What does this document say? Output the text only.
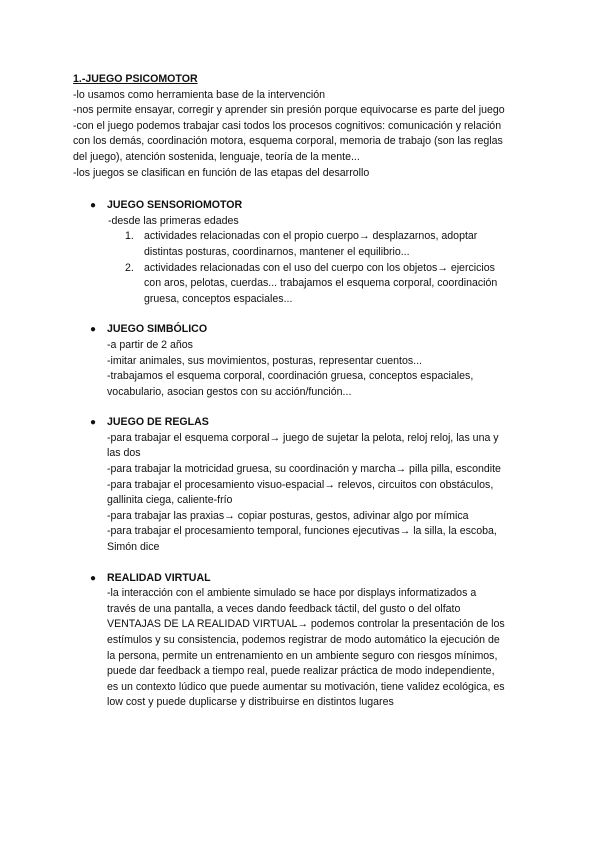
1.-JUEGO PSICOMOTOR
-lo usamos como herramienta base de la intervención
-nos permite ensayar, corregir y aprender sin presión porque equivocarse es parte del juego
-con el juego podemos trabajar casi todos los procesos cognitivos: comunicación y relación
con los demás, coordinación motora, esquema corporal, memoria de trabajo (son las reglas
del juego), atención sostenida, lenguaje, teoría de la mente...
-los juegos se clasifican en función de las etapas del desarrollo
● JUEGO SENSORIOMOTOR
-desde las primeras edades
1. actividades relacionadas con el propio cuerpo→ desplazarnos, adoptar
distintas posturas, coordinarnos, mantener el equilibrio...
2. actividades relacionadas con el uso del cuerpo con los objetos→ ejercicios
con aros, pelotas, cuerdas... trabajamos el esquema corporal, coordinación
gruesa, conceptos espaciales...
● JUEGO SIMBÓLICO
-a partir de 2 años
-imitar animales, sus movimientos, posturas, representar cuentos...
-trabajamos el esquema corporal, coordinación gruesa, conceptos espaciales,
vocabulario, asocian gestos con su acción/función...
● JUEGO DE REGLAS
-para trabajar el esquema corporal→ juego de sujetar la pelota, reloj reloj, las una y
las dos
-para trabajar la motricidad gruesa, su coordinación y marcha→ pilla pilla, escondite
-para trabajar el procesamiento visuo-espacial→ relevos, circuitos con obstáculos,
gallinita ciega, caliente-frío
-para trabajar las praxias→ copiar posturas, gestos, adivinar algo por mímica
-para trabajar el procesamiento temporal, funciones ejecutivas→ la silla, la escoba,
Simón dice
● REALIDAD VIRTUAL
-la interacción con el ambiente simulado se hace por displays informatizados a
través de una pantalla, a veces dando feedback táctil, del gusto o del olfato
VENTAJAS DE LA REALIDAD VIRTUAL→ podemos controlar la presentación de los
estímulos y su consistencia, podemos registrar de modo automático la ejecución de
la persona, permite un entrenamiento en un ambiente seguro con riesgos mínimos,
puede dar feedback a tiempo real, puede realizar práctica de modo independiente,
es un contexto lúdico que puede aumentar su motivación, tiene validez ecológica, es
low cost y puede duplicarse y distribuirse en distintos lugares
